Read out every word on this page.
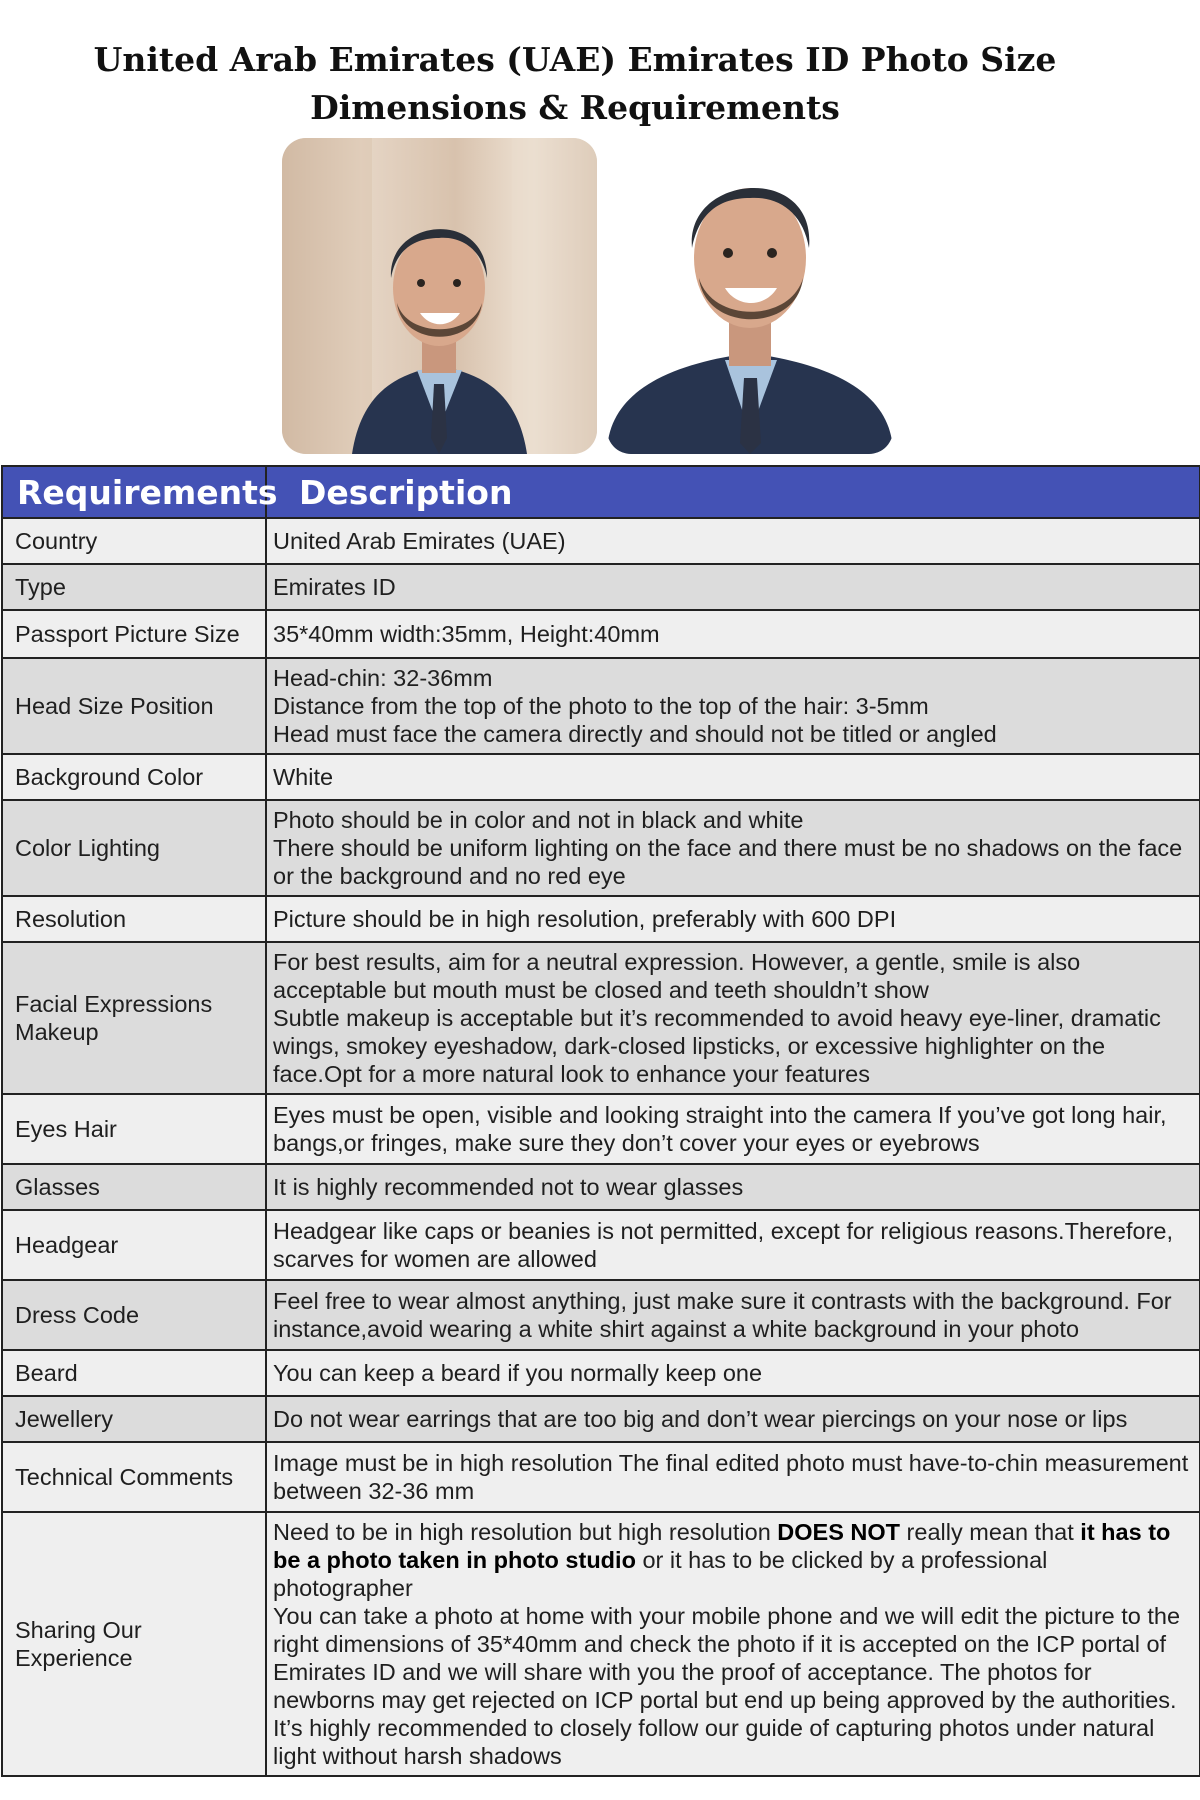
United Arab Emirates (UAE) Emirates ID Photo Size Dimensions & Requirements
Requirements	Description
Country	United Arab Emirates (UAE)

Type	Emirates ID

Passport Picture Size	35*40mm width:35mm, Height:40mm

Head Size Position	Head-chin: 32-36mm
Distance from the top of the photo to the top of the hair: 3-5mm
Head must face the camera directly and should not be titled or angled

Background Color	White

Color Lighting	Photo should be in color and not in black and white
There should be uniform lighting on the face and there must be no shadows on the face or the background and no red eye

Resolution	Picture should be in high resolution, preferably with 600 DPI

Facial Expressions Makeup	For best results, aim for a neutral expression. However, a gentle, smile is also acceptable but mouth must be closed and teeth shouldn’t show
Subtle makeup is acceptable but it’s recommended to avoid heavy eye-liner, dramatic wings, smokey eyeshadow, dark-closed lipsticks, or excessive highlighter on the face.Opt for a more natural look to enhance your features

Eyes Hair	Eyes must be open, visible and looking straight into the camera If you’ve got long hair, bangs,or fringes, make sure they don’t cover your eyes or eyebrows

Glasses	It is highly recommended not to wear glasses

Headgear	Headgear like caps or beanies is not permitted, except for religious reasons.Therefore, scarves for women are allowed

Dress Code	Feel free to wear almost anything, just make sure it contrasts with the background. For instance,avoid wearing a white shirt against a white background in your photo

Beard	You can keep a beard if you normally keep one

Jewellery	Do not wear earrings that are too big and don’t wear piercings on your nose or lips

Technical Comments	Image must be in high resolution The final edited photo must have-to-chin measurement between 32-36 mm

Sharing Our Experience	Need to be in high resolution but high resolution DOES NOT really mean that it has to be a photo taken in photo studio or it has to be clicked by a professional photographer
You can take a photo at home with your mobile phone and we will edit the picture to the right dimensions of 35*40mm and check the photo if it is accepted on the ICP portal of Emirates ID and we will share with you the proof of acceptance. The photos for newborns may get rejected on ICP portal but end up being approved by the authorities.
It’s highly recommended to closely follow our guide of capturing photos under natural light without harsh shadows
